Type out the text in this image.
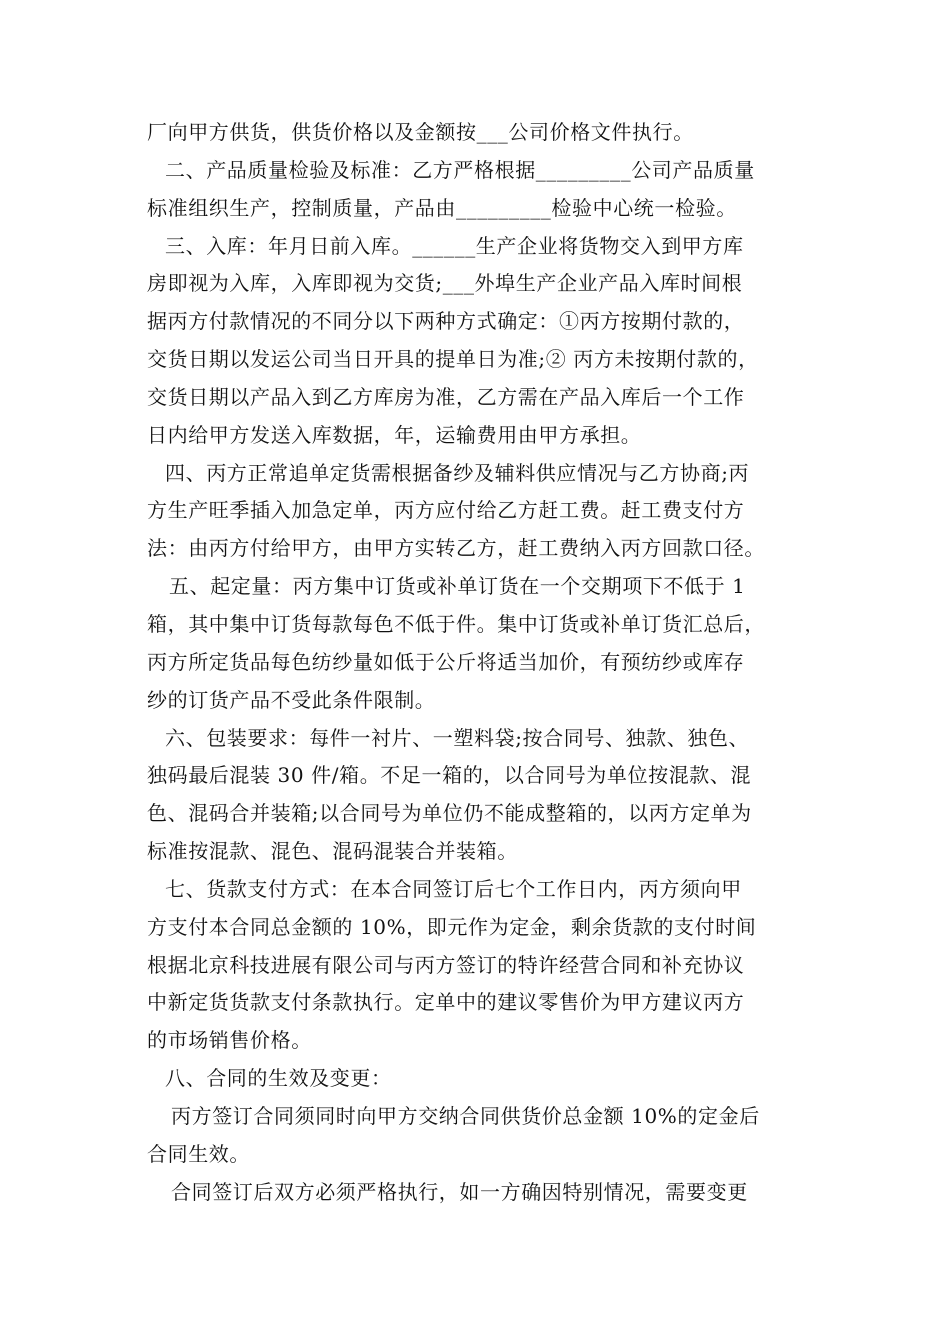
厂向甲方供货，供货价格以及金额按___公司价格文件执行。
二、产品质量检验及标准：乙方严格根据_________公司产品质量
标准组织生产，控制质量，产品由_________检验中心统一检验。
三、入库：年月日前入库。______生产企业将货物交入到甲方库
房即视为入库，入库即视为交货;___外埠生产企业产品入库时间根
据丙方付款情况的不同分以下两种方式确定：①丙方按期付款的，
交货日期以发运公司当日开具的提单日为准;② 丙方未按期付款的，
交货日期以产品入到乙方库房为准，乙方需在产品入库后一个工作
日内给甲方发送入库数据，年，运输费用由甲方承担。
四、丙方正常追单定货需根据备纱及辅料供应情况与乙方协商;丙
方生产旺季插入加急定单，丙方应付给乙方赶工费。赶工费支付方
法：由丙方付给甲方，由甲方实转乙方，赶工费纳入丙方回款口径。
五、起定量：丙方集中订货或补单订货在一个交期项下不低于 1
箱，其中集中订货每款每色不低于件。集中订货或补单订货汇总后，
丙方所定货品每色纺纱量如低于公斤将适当加价，有预纺纱或库存
纱的订货产品不受此条件限制。
六、包装要求：每件一衬片、一塑料袋;按合同号、独款、独色、
独码最后混装 30 件/箱。不足一箱的，以合同号为单位按混款、混
色、混码合并装箱;以合同号为单位仍不能成整箱的，以丙方定单为
标准按混款、混色、混码混装合并装箱。
七、货款支付方式：在本合同签订后七个工作日内，丙方须向甲
方支付本合同总金额的 10%，即元作为定金，剩余货款的支付时间
根据北京科技进展有限公司与丙方签订的特许经营合同和补充协议
中新定货货款支付条款执行。定单中的建议零售价为甲方建议丙方
的市场销售价格。
八、合同的生效及变更：
丙方签订合同须同时向甲方交纳合同供货价总金额 10%的定金后
合同生效。
合同签订后双方必须严格执行，如一方确因特别情况，需要变更
